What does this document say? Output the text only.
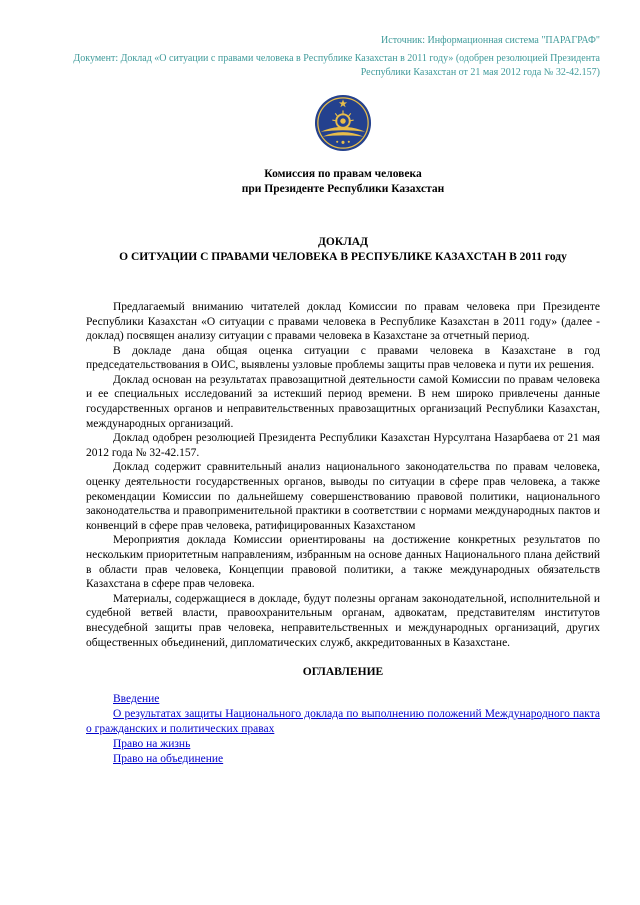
Источник: Информационная система "ПАРАГРАФ"
Документ: Доклад «О ситуации с правами человека в Республике Казахстан в 2011 году» (одобрен резолюцией Президента Республики Казахстан от 21 мая 2012 года № 32-42.157)
Комиссия по правам человека
при Президенте Республики Казахстан
ДОКЛАД
О СИТУАЦИИ С ПРАВАМИ ЧЕЛОВЕКА В РЕСПУБЛИКЕ КАЗАХСТАН В 2011 году

Предлагаемый вниманию читателей доклад Комиссии по правам человека при Президенте Республики Казахстан «О ситуации с правами человека в Республике Казахстан в 2011 году» (далее - доклад) посвящен анализу ситуации с правами человека в Казахстане за отчетный период.

В докладе дана общая оценка ситуации с правами человека в Казахстане в год председательствования в ОИС, выявлены узловые проблемы защиты прав человека и пути их решения.

Доклад основан на результатах правозащитной деятельности самой Комиссии по правам человека и ее специальных исследований за истекший период времени. В нем широко привлечены данные государственных органов и неправительственных правозащитных организаций Республики Казахстан, международных организаций.

Доклад одобрен резолюцией Президента Республики Казахстан Нурсултана Назарбаева от 21 мая 2012 года № 32-42.157.

Доклад содержит сравнительный анализ национального законодательства по правам человека, оценку деятельности государственных органов, выводы по ситуации в сфере прав человека, а также рекомендации Комиссии по дальнейшему совершенствованию правовой политики, национального законодательства и правоприменительной практики в соответствии с нормами международных пактов и конвенций в сфере прав человека, ратифицированных Казахстаном

Мероприятия доклада Комиссии ориентированы на достижение конкретных результатов по нескольким приоритетным направлениям, избранным на основе данных Национального плана действий в области прав человека, Концепции правовой политики, а также международных обязательств Казахстана в сфере прав человека.

Материалы, содержащиеся в докладе, будут полезны органам законодательной, исполнительной и судебной ветвей власти, правоохранительным органам, адвокатам, представителям институтов внесудебной защиты прав человека, неправительственных и международных организаций, других общественных объединений, дипломатических служб, аккредитованных в Казахстане.

ОГЛАВЛЕНИЕ

Введение

О результатах защиты Национального доклада по выполнению положений Международного пакта о гражданских и политических правах

Право на жизнь

Право на объединение
